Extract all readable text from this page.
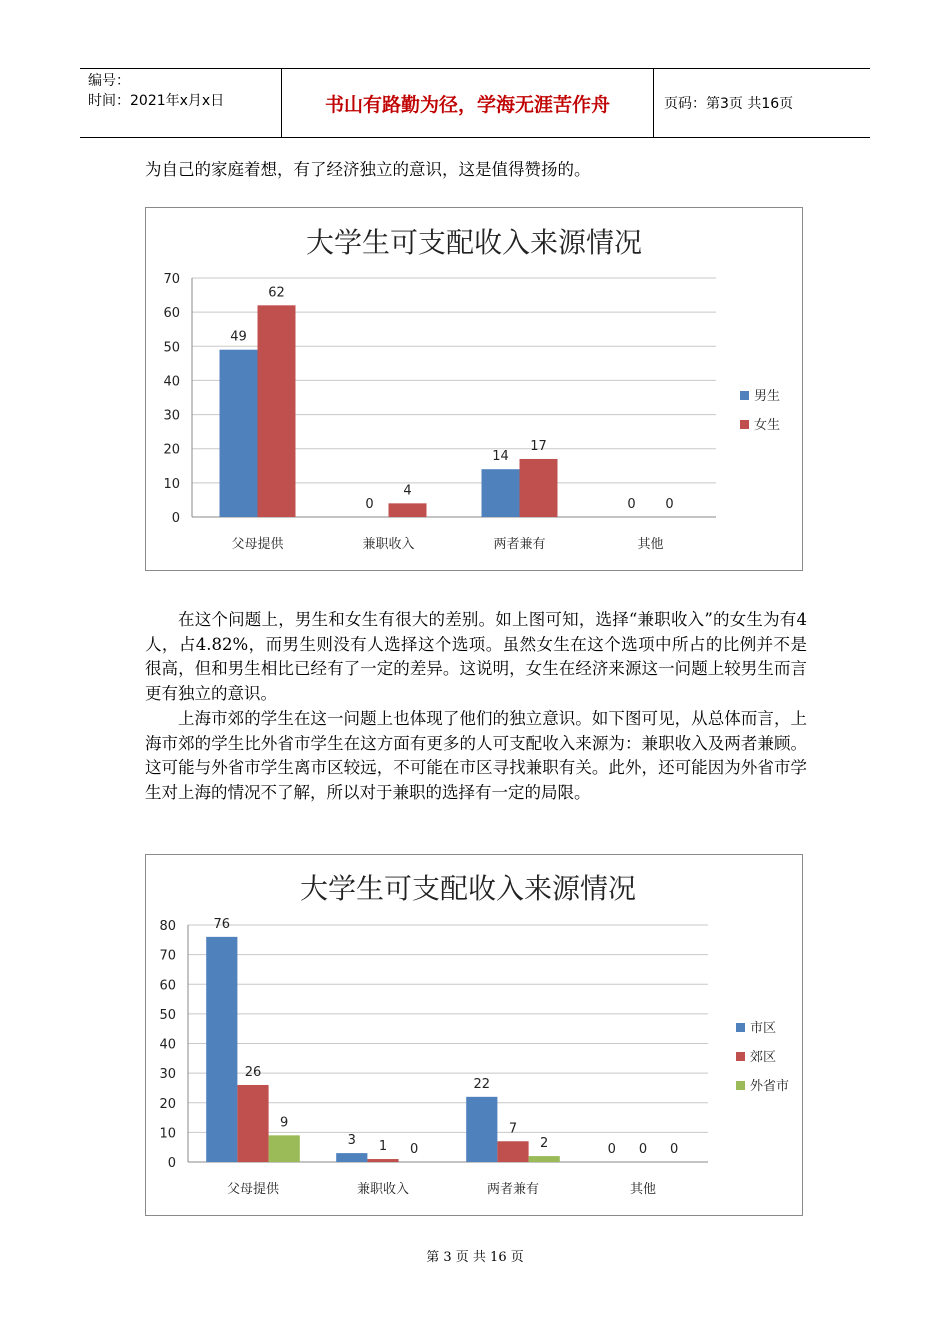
编号：
时间：2021年x月x日	书山有路勤为径，学海无涯苦作舟	页码：第3页 共16页

为自己的家庭着想，有了经济独立的意识，这是值得赞扬的。

大学生可支配收入来源情况
0
10
20
30
40
50
60
70
49
62
父母提供
0
4
兼职收入
14
17
两者兼有
0 0
其他
男生
女生

在这个问题上，男生和女生有很大的差别。如上图可知，选择“兼职收入”的女生为有4人，占4.82%，而男生则没有人选择这个选项。虽然女生在这个选项中所占的比例并不是很高，但和男生相比已经有了一定的差异。这说明，女生在经济来源这一问题上较男生而言更有独立的意识。

上海市郊的学生在这一问题上也体现了他们的独立意识。如下图可见，从总体而言，上海市郊的学生比外省市学生在这方面有更多的人可支配收入来源为：兼职收入及两者兼顾。这可能与外省市学生离市区较远，不可能在市区寻找兼职有关。此外，还可能因为外省市学生对上海的情况不了解，所以对于兼职的选择有一定的局限。

大学生可支配收入来源情况
0
10
20
30
40
50
60
70
80	76
26
9
父母提供
3 1 0
兼职收入
22
7
2
两者兼有
0 0 0
其他
市区
郊区
外省市
第 3 页 共 16 页
